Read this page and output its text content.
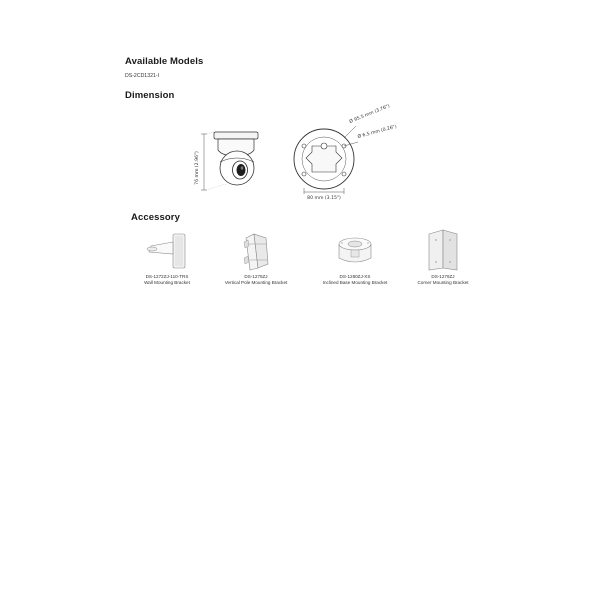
Available Models
DS-2CD1321-I
Dimension
76 mm (2.96")
Ø 95.5 mm (3.76")
Ø 6.5 mm (0.26")
80 mm (3.15")
Accessory
DS-1272ZJ-110-TRS
Wall Mounting Bracket
DS-1275ZJ
Vertical Pole Mounting Bracket
DS-1280ZJ-XS
Inclined Base Mounting Bracket
DS-1276ZJ
Corner Mounting Bracket
